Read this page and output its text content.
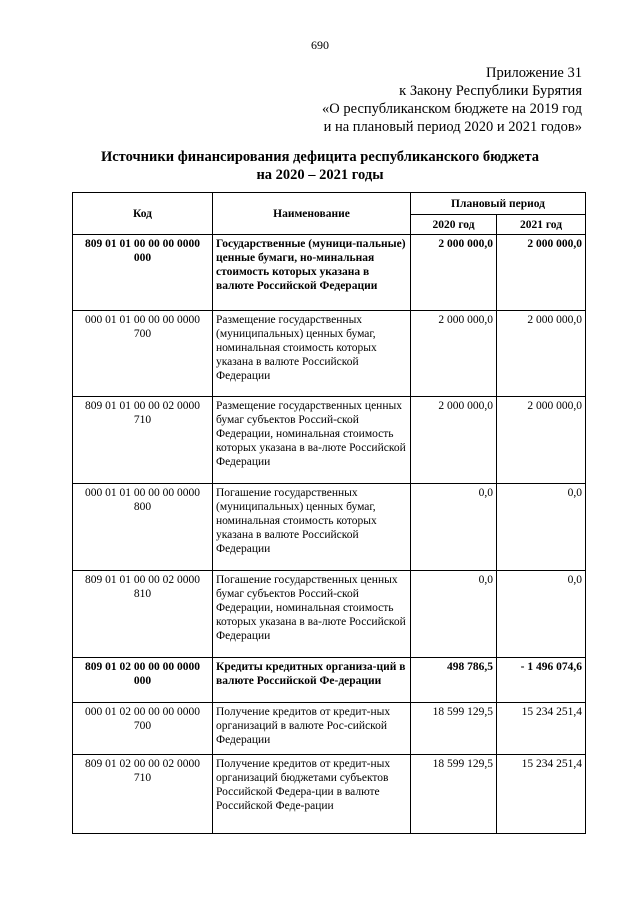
690
Приложение 31
к Закону Республики Бурятия
«О республиканском бюджете на 2019 год
и на плановый период 2020 и 2021 годов»
Источники финансирования дефицита республиканского бюджета
на 2020 – 2021 годы
Код	Наименование	Плановый период	
		2020 год	2021 год
809 01 01 00 00 00 0000 000	Государственные (муници-пальные) ценные бумаги, но-минальная стоимость которых указана в валюте Российской Федерации	2 000 000,0	2 000 000,0
000 01 01 00 00 00 0000 700	Размещение государственных (муниципальных) ценных бумаг, номинальная стоимость которых указана в валюте Российской Федерации	2 000 000,0	2 000 000,0
809 01 01 00 00 02 0000 710	Размещение государственных ценных бумаг субъектов Россий-ской Федерации, номинальная стоимость которых указана в ва-люте Российской Федерации	2 000 000,0	2 000 000,0
000 01 01 00 00 00 0000 800	Погашение государственных (муниципальных) ценных бумаг, номинальная стоимость которых указана в валюте Российской Федерации	0,0	0,0
809 01 01 00 00 02 0000 810	Погашение государственных ценных бумаг субъектов Россий-ской Федерации, номинальная стоимость которых указана в ва-люте Российской Федерации	0,0	0,0
809 01 02 00 00 00 0000 000	Кредиты кредитных организа-ций в валюте Российской Фе-дерации	498 786,5	- 1 496 074,6
000 01 02 00 00 00 0000 700	Получение кредитов от кредит-ных организаций в валюте Рос-сийской Федерации	18 599 129,5	15 234 251,4
809 01 02 00 00 02 0000 710	Получение кредитов от кредит-ных организаций бюджетами субъектов Российской Федера-ции в валюте Российской Феде-рации	18 599 129,5	15 234 251,4
